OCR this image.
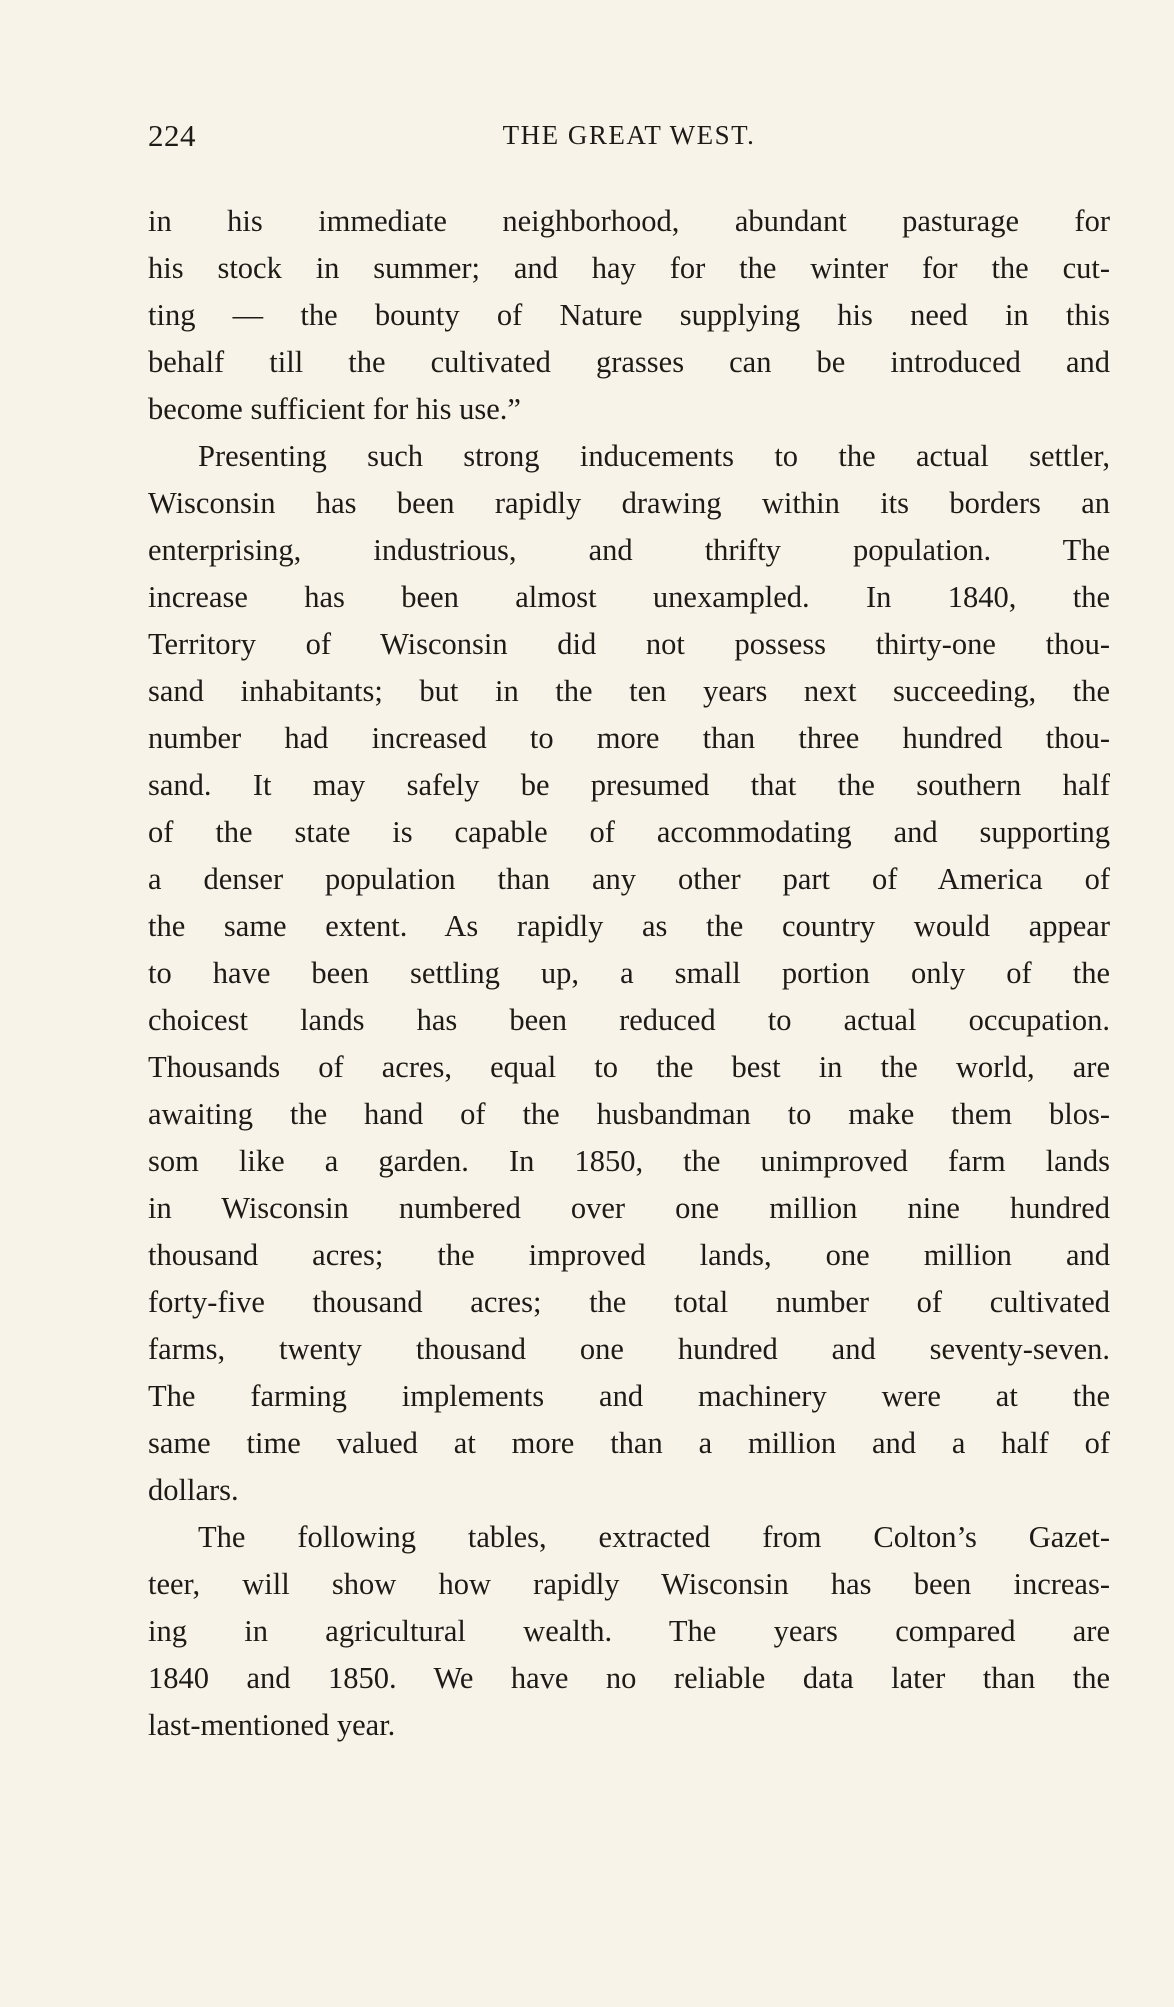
224	THE GREAT WEST.
in his immediate neighborhood, abundant pasturage for
his stock in summer; and hay for the winter for the cut-
ting — the bounty of Nature supplying his need in this
behalf till the cultivated grasses can be introduced and
become sufficient for his use.”
Presenting such strong inducements to the actual settler,
Wisconsin has been rapidly drawing within its borders an
enterprising, industrious, and thrifty population. The
increase has been almost unexampled. In 1840, the
Territory of Wisconsin did not possess thirty-one thou-
sand inhabitants; but in the ten years next succeeding, the
number had increased to more than three hundred thou-
sand. It may safely be presumed that the southern half
of the state is capable of accommodating and supporting
a denser population than any other part of America of
the same extent. As rapidly as the country would appear
to have been settling up, a small portion only of the
choicest lands has been reduced to actual occupation.
Thousands of acres, equal to the best in the world, are
awaiting the hand of the husbandman to make them blos-
som like a garden. In 1850, the unimproved farm lands
in Wisconsin numbered over one million nine hundred
thousand acres; the improved lands, one million and
forty-five thousand acres; the total number of cultivated
farms, twenty thousand one hundred and seventy-seven.
The farming implements and machinery were at the
same time valued at more than a million and a half of
dollars.
The following tables, extracted from Colton’s Gazet-
teer, will show how rapidly Wisconsin has been increas-
ing in agricultural wealth. The years compared are
1840 and 1850. We have no reliable data later than the
last-mentioned year.
